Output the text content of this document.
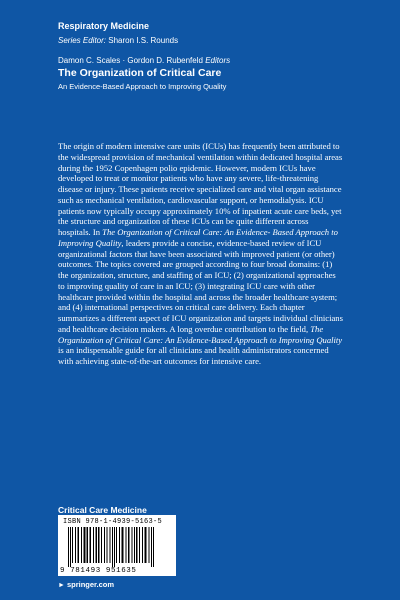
Respiratory Medicine
Series Editor: Sharon I.S. Rounds
Damon C. Scales · Gordon D. Rubenfeld Editors
The Organization of Critical Care
An Evidence-Based Approach to Improving Quality

The origin of modern intensive care units (ICUs) has frequently been attributed to the widespread provision of mechanical ventilation within dedicated hospital areas during the 1952 Copenhagen polio epidemic. However, modern ICUs have developed to treat or monitor patients who have any severe, life-threatening disease or injury. These patients receive specialized care and vital organ assistance such as mechanical ventilation, cardiovascular support, or hemodialysis. ICU patients now typically occupy approximately 10% of inpatient acute care beds, yet the structure and organization of these ICUs can be quite different across hospitals. In The Organization of Critical Care: An Evidence- Based Approach to Improving Quality, leaders provide a concise, evidence-based review of ICU organizational factors that have been associated with improved patient (or other) outcomes. The topics covered are grouped according to four broad domains: (1) the organization, structure, and staffing of an ICU; (2) organizational approaches to improving quality of care in an ICU; (3) integrating ICU care with other healthcare provided within the hospital and across the broader healthcare system; and (4) international perspectives on critical care delivery. Each chapter summarizes a different aspect of ICU organization and targets individual clinicians and healthcare decision makers. A long overdue contribution to the field, The Organization of Critical Care: An Evidence-Based Approach to Improving Quality is an indispensable guide for all clinicians and health administrators concerned with achieving state-of-the-art outcomes for intensive care.

Critical Care Medicine
ISBN 978-1-4939-5163-5
9 781493 951635
► springer.com
